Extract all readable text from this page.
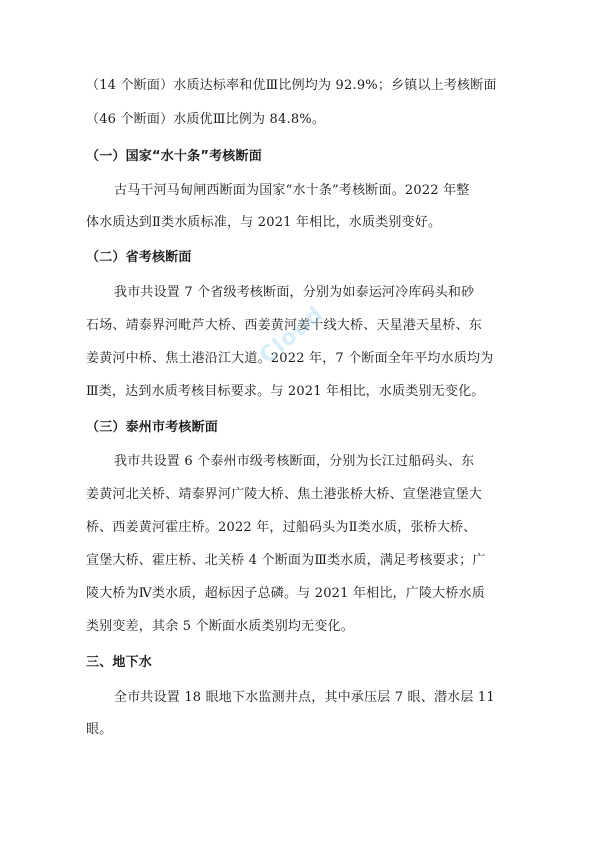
（14 个断面）水质达标率和优Ⅲ比例均为 92.9%；乡镇以上考核断面
（46 个断面）水质优Ⅲ比例为 84.8%。
（一）国家“水十条”考核断面
古马干河马甸闸西断面为国家“水十条”考核断面。2022 年整
体水质达到Ⅱ类水质标准，与 2021 年相比，水质类别变好。
（二）省考核断面
我市共设置 7 个省级考核断面，分别为如泰运河冷库码头和砂
石场、靖泰界河毗芦大桥、西姜黄河姜十线大桥、天星港天星桥、东
姜黄河中桥、焦土港沿江大道。2022 年，7 个断面全年平均水质均为
Ⅲ类，达到水质考核目标要求。与 2021 年相比，水质类别无变化。
（三）泰州市考核断面
我市共设置 6 个泰州市级考核断面，分别为长江过船码头、东
姜黄河北关桥、靖泰界河广陵大桥、焦土港张桥大桥、宣堡港宣堡大
桥、西姜黄河霍庄桥。2022 年，过船码头为Ⅱ类水质，张桥大桥、
宣堡大桥、霍庄桥、北关桥 4 个断面为Ⅲ类水质，满足考核要求；广
陵大桥为Ⅳ类水质，超标因子总磷。与 2021 年相比，广陵大桥水质
类别变差，其余 5 个断面水质类别均无变化。
三、地下水
全市共设置 18 眼地下水监测井点，其中承压层 7 眼、潜水层 11
眼。
Cloud
